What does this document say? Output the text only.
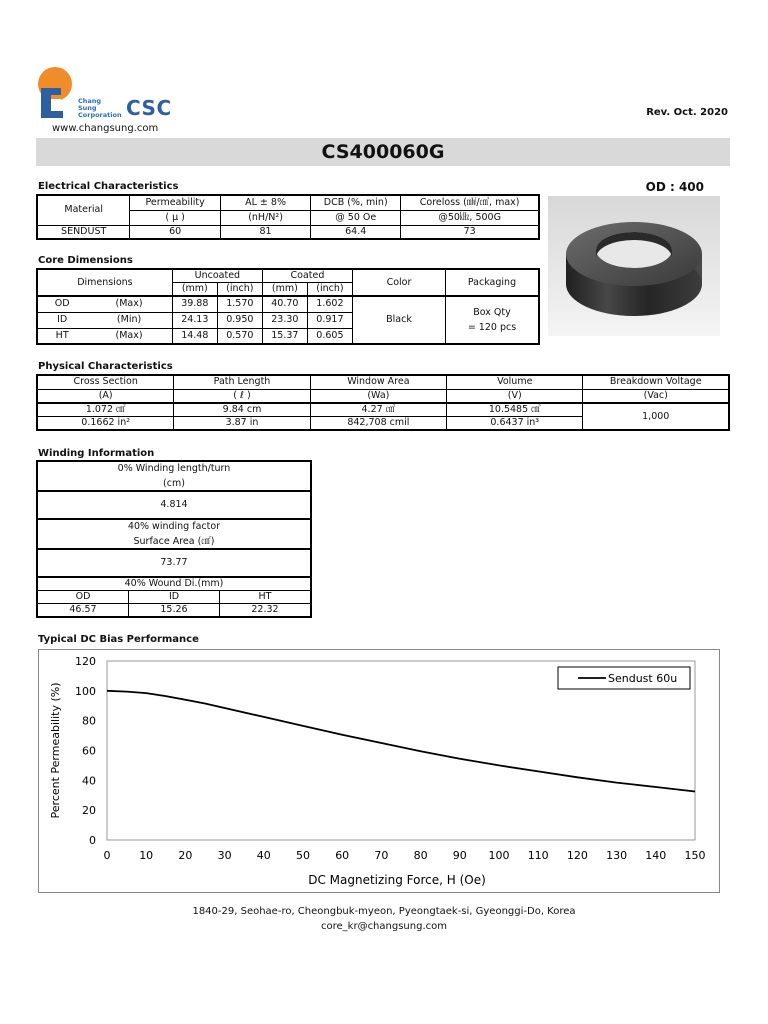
Chang
Sung
Corporation CSC
www.changsung.com
Rev. Oct. 2020
CS400060G
Electrical Characteristics	OD : 400
Material	Permeability	AL ± 8%	DCB (%, min)	Coreloss (㎽/㎤, max)
	( μ )	(nH/N²)	@ 50 Oe	@50㎑, 500G
SENDUST	60	81	64.4	73
Core Dimensions
Dimensions		Uncoated		Coated		Color	Packaging
		(mm)	(inch)	(mm)	(inch)		
OD	(Max)	39.88	1.570	40.70	1.602	Black	Box Qty
= 120 pcs

ID	(Min)	24.13	0.950	23.30	0.917		
HT	(Max)	14.48	0.570	15.37	0.605		
Physical Characteristics
Cross Section	Path Length	Window Area	Volume	Breakdown Voltage
(A)	( ℓ )	(Wa)	(V)	(Vac)
1.072 ㎠	9.84 cm	4.27 ㎠	10.5485 ㎤	1,000
0.1662 in²	3.87 in	842,708 cmil	0.6437 in³	
Winding Information
0% Winding length/turn
(cm)		

4.814		

40% winding factor
Surface Area (㎠)		

73.77		
40% Wound Di.(mm)		
OD	ID	HT
46.57	15.26	22.32
Typical DC Bias Performance
0
20
40
60
80
100
120
0	10 20 30 40 50 60 70 80 90 100 110 120 130 140 150
DC Magnetizing Force, H (Oe)
Percent Permeability (%)
Sendust 60u
1840-29, Seohae-ro, Cheongbuk-myeon, Pyeongtaek-si, Gyeonggi-Do, Korea
core_kr@changsung.com
